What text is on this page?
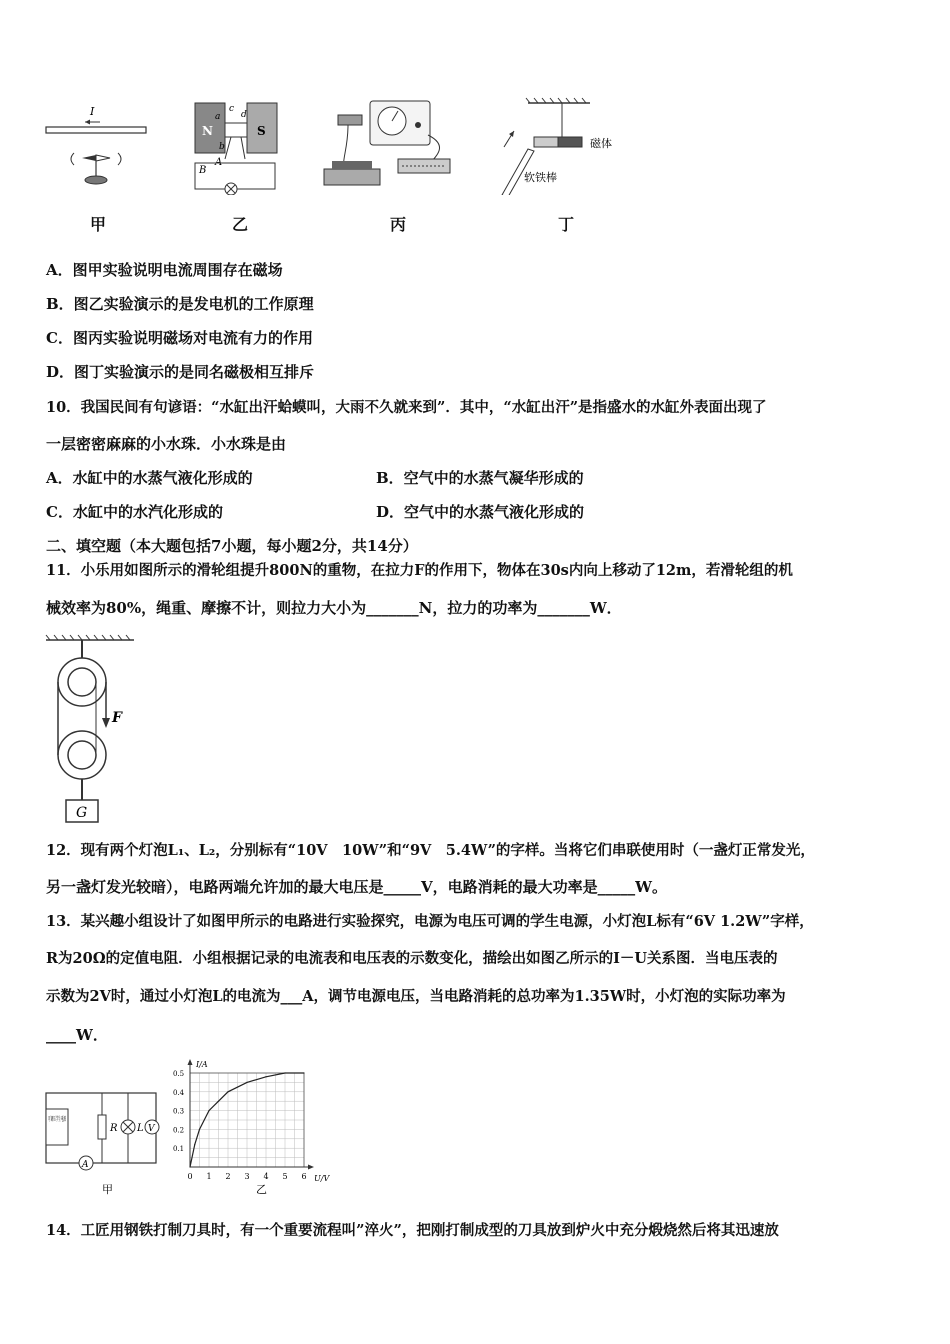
I
N	S
c
d
a
b
B
A
磁体
软铁棒
甲	乙	丙	丁
A．图甲实验说明电流周围存在磁场
B．图乙实验演示的是发电机的工作原理
C．图丙实验说明磁场对电流有力的作用
D．图丁实验演示的是同名磁极相互排斥
10．我国民间有句谚语：“水缸出汗蛤蟆叫，大雨不久就来到”．其中，“水缸出汗”是指盛水的水缸外表面出现了
一层密密麻麻的小水珠．小水珠是由
A．水缸中的水蒸气液化形成的	B．空气中的水蒸气凝华形成的
C．水缸中的水汽化形成的	D．空气中的水蒸气液化形成的
二、填空题（本大题包括7小题，每小题2分，共14分）
11．小乐用如图所示的滑轮组提升800N的重物，在拉力F的作用下，物体在30s内向上移动了12m，若滑轮组的机
械效率为80%，绳重、摩擦不计，则拉力大小为_______N，拉力的功率为_______W．
F
G
12．现有两个灯泡L₁、L₂，分别标有“10V　10W”和“9V　5.4W”的字样。当将它们串联使用时（一盏灯正常发光，
另一盏灯发光较暗），电路两端允许加的最大电压是_____V，电路消耗的最大功率是_____W。
13．某兴趣小组设计了如图甲所示的电路进行实验探究，电源为电压可调的学生电源，小灯泡L标有“6V 1.2W”字样，
R为20Ω的定值电阻．小组根据记录的电流表和电压表的示数变化，描绘出如图乙所示的I－U关系图．当电压表的
示数为2V时，通过小灯泡L的电流为___A，调节电源电压，当电路消耗的总功率为1.35W时，小灯泡的实际功率为
____W．
可调压学生电源
R L V
A
甲
I/A
U/V
0 1 2 3 4 5 6
0.1
0.2
0.3
0.4
0.5
乙
14．工匠用钢铁打制刀具时，有一个重要流程叫”淬火”，把刚打制成型的刀具放到炉火中充分煅烧然后将其迅速放
